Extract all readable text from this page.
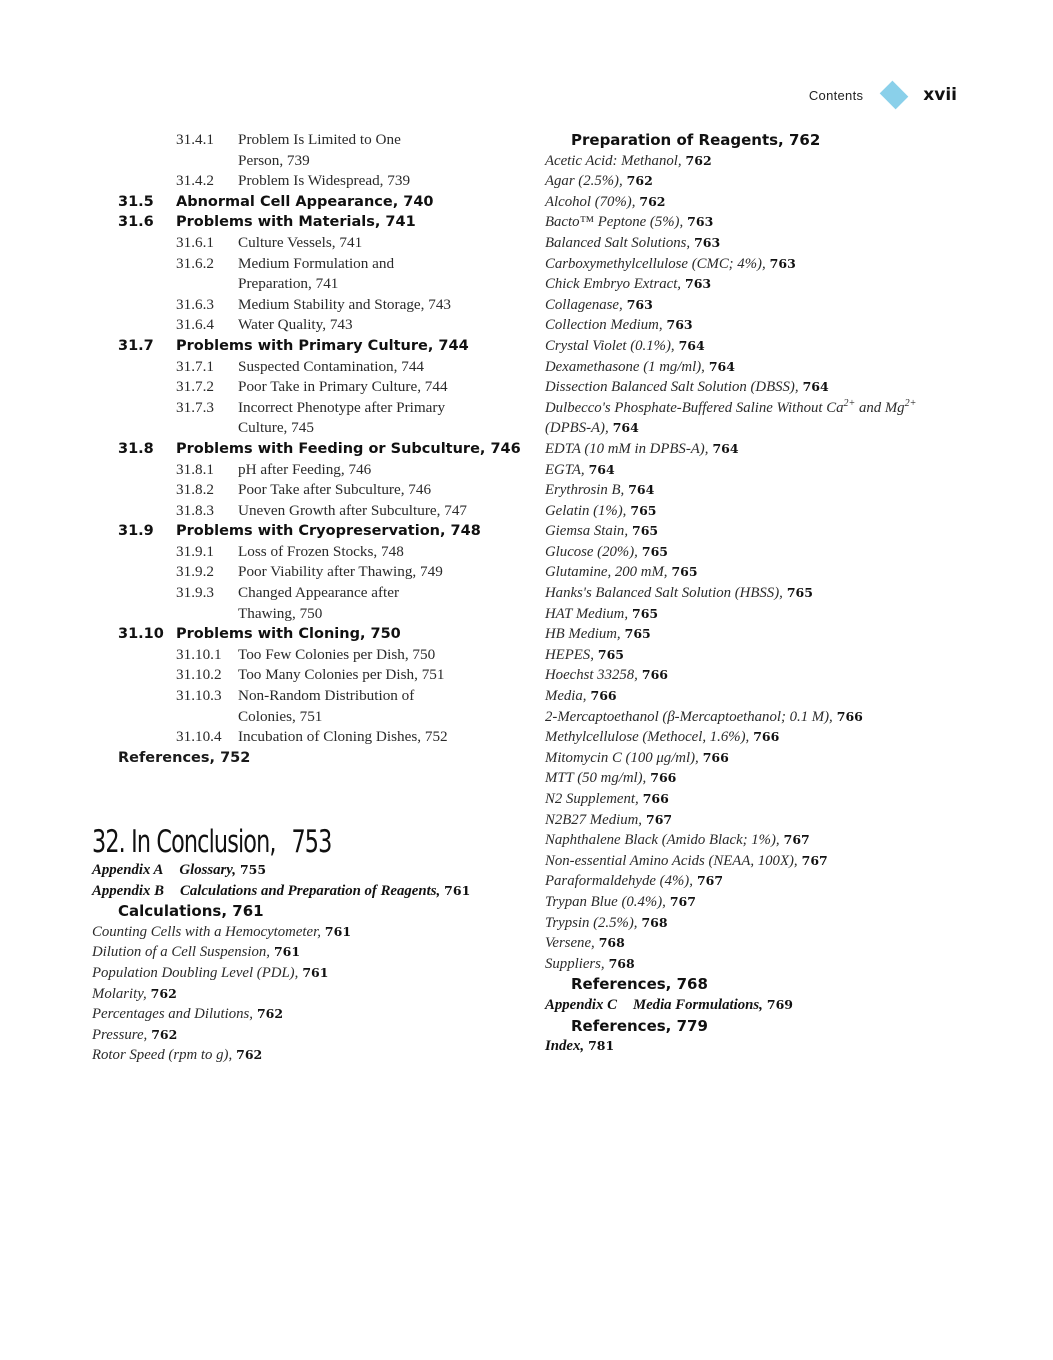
Contents	xvii
31.4.1 Problem Is Limited to One
Person, 739
31.4.2 Problem Is Widespread, 739
31.5 Abnormal Cell Appearance, 740
31.6 Problems with Materials, 741
31.6.1 Culture Vessels, 741
31.6.2 Medium Formulation and
Preparation, 741
31.6.3 Medium Stability and Storage, 743
31.6.4 Water Quality, 743
31.7 Problems with Primary Culture, 744
31.7.1 Suspected Contamination, 744
31.7.2 Poor Take in Primary Culture, 744
31.7.3 Incorrect Phenotype after Primary
Culture, 745
31.8 Problems with Feeding or Subculture, 746
31.8.1 pH after Feeding, 746
31.8.2 Poor Take after Subculture, 746
31.8.3 Uneven Growth after Subculture, 747
31.9 Problems with Cryopreservation, 748
31.9.1 Loss of Frozen Stocks, 748
31.9.2 Poor Viability after Thawing, 749
31.9.3 Changed Appearance after
Thawing, 750
31.10 Problems with Cloning, 750
31.10.1 Too Few Colonies per Dish, 750
31.10.2 Too Many Colonies per Dish, 751
31.10.3 Non-Random Distribution of
Colonies, 751
31.10.4 Incubation of Cloning Dishes, 752
References, 752
32. In Conclusion, 753
Appendix A Glossary, 755
Appendix B Calculations and Preparation of Reagents, 761
Calculations, 761
Counting Cells with a Hemocytometer, 761
Dilution of a Cell Suspension, 761
Population Doubling Level (PDL), 761
Molarity, 762
Percentages and Dilutions, 762
Pressure, 762
Rotor Speed (rpm to g), 762
Preparation of Reagents, 762
Acetic Acid: Methanol, 762
Agar (2.5%), 762
Alcohol (70%), 762
Bacto™ Peptone (5%), 763
Balanced Salt Solutions, 763
Carboxymethylcellulose (CMC; 4%), 763
Chick Embryo Extract, 763
Collagenase, 763
Collection Medium, 763
Crystal Violet (0.1%), 764
Dexamethasone (1 mg/ml), 764
Dissection Balanced Salt Solution (DBSS), 764
Dulbecco's Phosphate-Buffered Saline Without $Ca^{2+}$ and $Mg^{2+}$
(DPBS-A), 764
EDTA (10 mM in DPBS-A), 764
EGTA, 764
Erythrosin B, 764
Gelatin (1%), 765
Giemsa Stain, 765
Glucose (20%), 765
Glutamine, 200 mM, 765
Hanks's Balanced Salt Solution (HBSS), 765
HAT Medium, 765
HB Medium, 765
HEPES, 765
Hoechst 33258, 766
Media, 766
2-Mercaptoethanol (β-Mercaptoethanol; 0.1 M), 766
Methylcellulose (Methocel, 1.6%), 766
Mitomycin C (100 μg/ml), 766
MTT (50 mg/ml), 766
N2 Supplement, 766
N2B27 Medium, 767
Naphthalene Black (Amido Black; 1%), 767
Non-essential Amino Acids (NEAA, 100X), 767
Paraformaldehyde (4%), 767
Trypan Blue (0.4%), 767
Trypsin (2.5%), 768
Versene, 768
Suppliers, 768
References, 768
Appendix C Media Formulations, 769
References, 779
Index, 781
